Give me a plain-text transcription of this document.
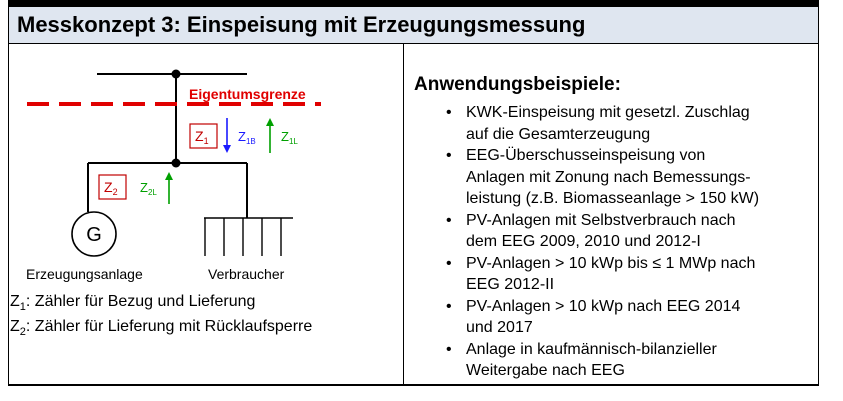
Messkonzept 3: Einspeisung mit Erzeugungsmessung
Eigentumsgrenze
$Z_1$ $Z_{1B}$ $Z_{1L}$
$Z_2$ $Z_{2L}$
G
Erzeugungsanlage	Verbraucher
$Z_1$: Zähler für Bezug und Lieferung
$Z_2$: Zähler für Lieferung mit Rücklaufsperre
Anwendungsbeispiele:
• KWK-Einspeisung mit gesetzl. Zuschlag
auf die Gesamterzeugung
• EEG-Überschusseinspeisung von
Anlagen mit Zonung nach Bemessungs-
leistung (z.B. Biomasseanlage > 150 kW)
• PV-Anlagen mit Selbstverbrauch nach
dem EEG 2009, 2010 und 2012-I
• PV-Anlagen > 10 kWp bis ≤ 1 MWp nach
EEG 2012-II
• PV-Anlagen > 10 kWp nach EEG 2014
und 2017
• Anlage in kaufmännisch-bilanzieller
Weitergabe nach EEG
